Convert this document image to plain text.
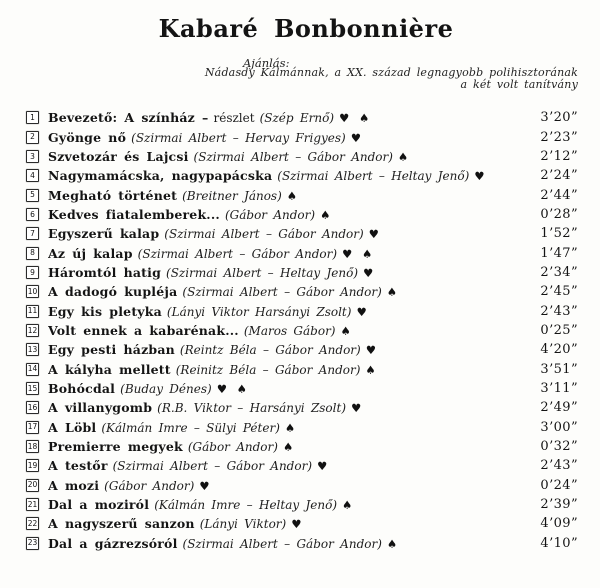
Kabaré Bonbonnière
Ajánlás:
Nádasdy Kálmánnak, a XX. század legnagyobb polihisztorának
a két volt tanítvány
1 Bevezető: A színház – részlet (Szép Ernő) ♥ ♠	3’20”
2 Gyönge nő (Szirmai Albert – Hervay Frigyes) ♥	2’23”
3 Szvetozár és Lajcsi (Szirmai Albert – Gábor Andor) ♠	2’12”
4 Nagymamácska, nagypapácska (Szirmai Albert – Heltay Jenő) ♥	2’24”
5 Megható történet (Breitner János) ♠	2’44”
6 Kedves fiatalemberek... (Gábor Andor) ♠	0’28”
7 Egyszerű kalap (Szirmai Albert – Gábor Andor) ♥	1’52”
8 Az új kalap (Szirmai Albert – Gábor Andor) ♥ ♠	1’47”
9 Háromtól hatig (Szirmai Albert – Heltay Jenő) ♥	2’34”
10 A dadogó kupléja (Szirmai Albert – Gábor Andor) ♠	2’45”
11 Egy kis pletyka (Lányi Viktor Harsányi Zsolt) ♥	2’43”
12 Volt ennek a kabarénak... (Maros Gábor) ♠	0’25”
13 Egy pesti házban (Reintz Béla – Gábor Andor) ♥	4’20”
14 A kályha mellett (Reinitz Béla – Gábor Andor) ♠	3’51”
15 Bohócdal (Buday Dénes) ♥ ♠	3’11”
16 A villanygomb (R.B. Viktor – Harsányi Zsolt) ♥	2’49”
17 A Löbl (Kálmán Imre – Sülyi Péter) ♠	3’00”
18 Premierre megyek (Gábor Andor) ♠	0’32”
19 A testőr (Szirmai Albert – Gábor Andor) ♥	2’43”
20 A mozi (Gábor Andor) ♥	0’24”
21 Dal a moziról (Kálmán Imre – Heltay Jenő) ♠	2’39”
22 A nagyszerű sanzon (Lányi Viktor) ♥	4’09”
23 Dal a gázrezsóról (Szirmai Albert – Gábor Andor) ♠	4’10”
